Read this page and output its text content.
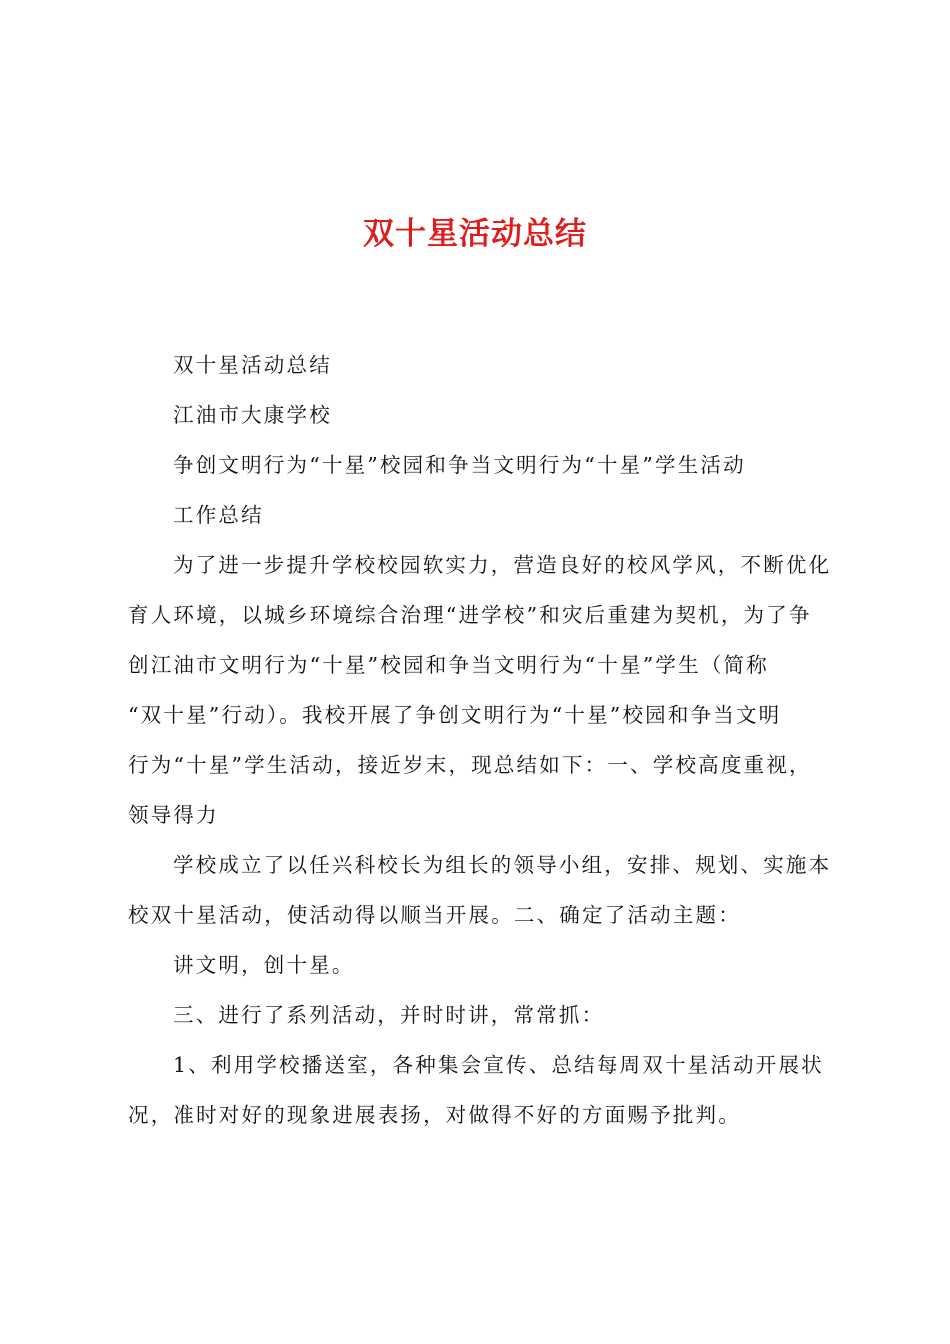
双十星活动总结
双十星活动总结
江油市大康学校
争创文明行为“十星”校园和争当文明行为“十星”学生活动
工作总结
为了进一步提升学校校园软实力，营造良好的校风学风，不断优化
育人环境，以城乡环境综合治理“进学校”和灾后重建为契机，为了争
创江油市文明行为“十星”校园和争当文明行为“十星”学生（简称
“双十星”行动）。我校开展了争创文明行为“十星”校园和争当文明
行为“十星”学生活动，接近岁末，现总结如下：一、学校高度重视，
领导得力
学校成立了以任兴科校长为组长的领导小组，安排、规划、实施本
校双十星活动，使活动得以顺当开展。二、确定了活动主题：
讲文明，创十星。
三、进行了系列活动，并时时讲，常常抓：
1、利用学校播送室，各种集会宣传、总结每周双十星活动开展状
况，准时对好的现象进展表扬，对做得不好的方面赐予批判。
